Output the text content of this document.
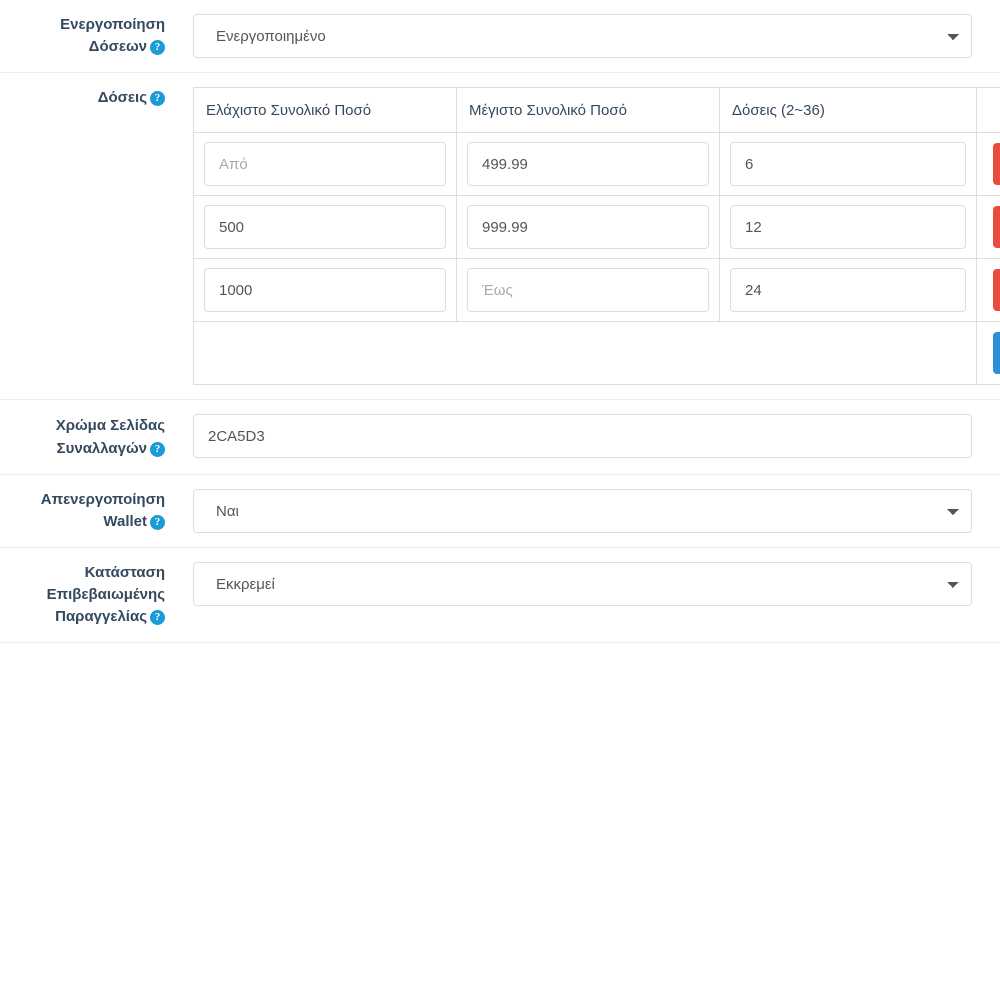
Ενεργοποίηση Δόσεων ?
Ενεργοποιημένο
Δόσεις ?
Ελάχιστο Συνολικό Ποσό	Μέγιστο Συνολικό Ποσό	Δόσεις (2~36)	
Από	499.99	6	

500	999.99	12	

1000	Έως	24	

Χρώμα Σελίδας Συναλλαγών ?
2CA5D3
Απενεργοποίηση Wallet ?
Ναι
Κατάσταση Επιβεβαιωμένης Παραγγελίας ?
Εκκρεμεί
